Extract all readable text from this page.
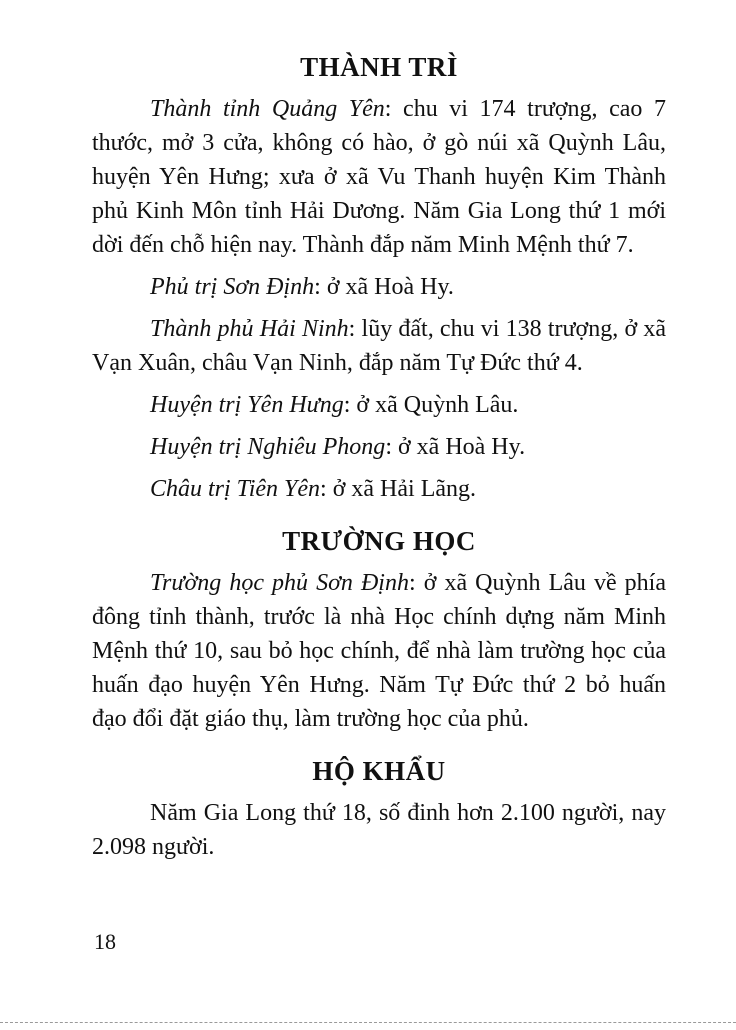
THÀNH TRÌ

Thành tỉnh Quảng Yên: chu vi 174 trượng, cao 7 thước, mở 3 cửa, không có hào, ở gò núi xã Quỳnh Lâu, huyện Yên Hưng; xưa ở xã Vu Thanh huyện Kim Thành phủ Kinh Môn tỉnh Hải Dương. Năm Gia Long thứ 1 mới dời đến chỗ hiện nay. Thành đắp năm Minh Mệnh thứ 7.

Phủ trị Sơn Định: ở xã Hoà Hy.

Thành phủ Hải Ninh: lũy đất, chu vi 138 trượng, ở xã Vạn Xuân, châu Vạn Ninh, đắp năm Tự Đức thứ 4.

Huyện trị Yên Hưng: ở xã Quỳnh Lâu.

Huyện trị Nghiêu Phong: ở xã Hoà Hy.

Châu trị Tiên Yên: ở xã Hải Lãng.

TRƯỜNG HỌC

Trường học phủ Sơn Định: ở xã Quỳnh Lâu về phía đông tỉnh thành, trước là nhà Học chính dựng năm Minh Mệnh thứ 10, sau bỏ học chính, để nhà làm trường học của huấn đạo huyện Yên Hưng. Năm Tự Đức thứ 2 bỏ huấn đạo đổi đặt giáo thụ, làm trường học của phủ.

HỘ KHẨU

Năm Gia Long thứ 18, số đinh hơn 2.100 người, nay 2.098 người.

18
